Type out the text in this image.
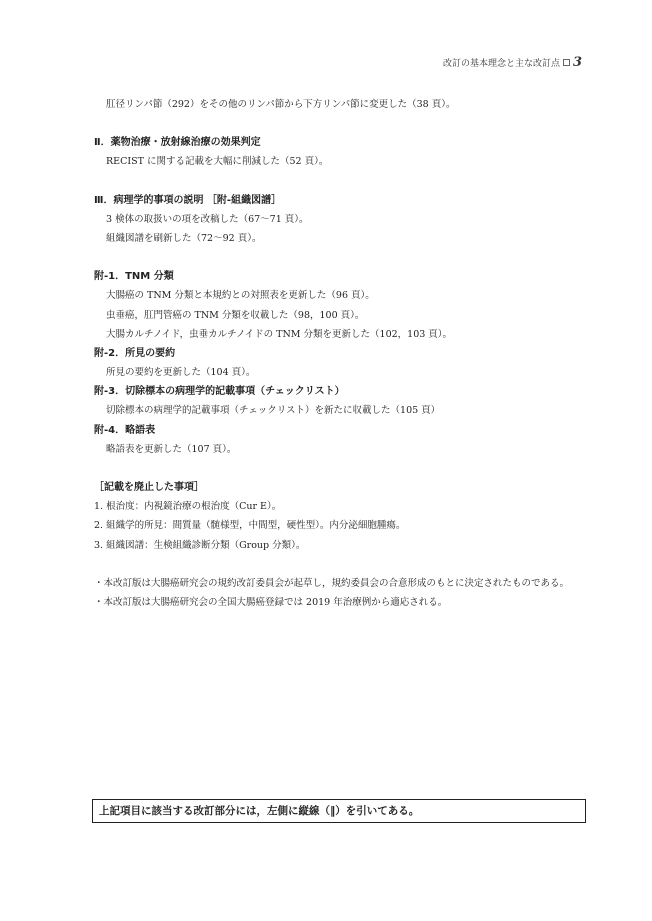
改訂の基本理念と主な改訂点 3
肛径リンパ節（292）をその他のリンパ節から下方リンパ節に変更した（38 頁）。
Ⅱ．薬物治療・放射線治療の効果判定
RECIST に関する記載を大幅に削減した（52 頁）。
Ⅲ．病理学的事項の説明 ［附-組織図譜］
3 検体の取扱いの項を改稿した（67～71 頁）。
組織図譜を刷新した（72～92 頁）。
附-1．TNM 分類
大腸癌の TNM 分類と本規約との対照表を更新した（96 頁）。
虫垂癌，肛門管癌の TNM 分類を収載した（98，100 頁）。
大腸カルチノイド，虫垂カルチノイドの TNM 分類を更新した（102，103 頁）。
附-2．所見の要約
所見の要約を更新した（104 頁）。
附-3．切除標本の病理学的記載事項（チェックリスト）
切除標本の病理学的記載事項（チェックリスト）を新たに収載した（105 頁）
附-4．略語表
略語表を更新した（107 頁）。
［記載を廃止した事項］
1. 根治度：内視鏡治療の根治度（Cur E）。
2. 組織学的所見：間質量（髄様型，中間型，硬性型）。内分泌細胞腫瘍。
3. 組織図譜：生検組織診断分類（Group 分類）。
・本改訂版は大腸癌研究会の規約改訂委員会が起草し，規約委員会の合意形成のもとに決定されたものである。
・本改訂版は大腸癌研究会の全国大腸癌登録では 2019 年治療例から適応される。
上記項目に該当する改訂部分には，左側に縦線（‖）を引いてある。
